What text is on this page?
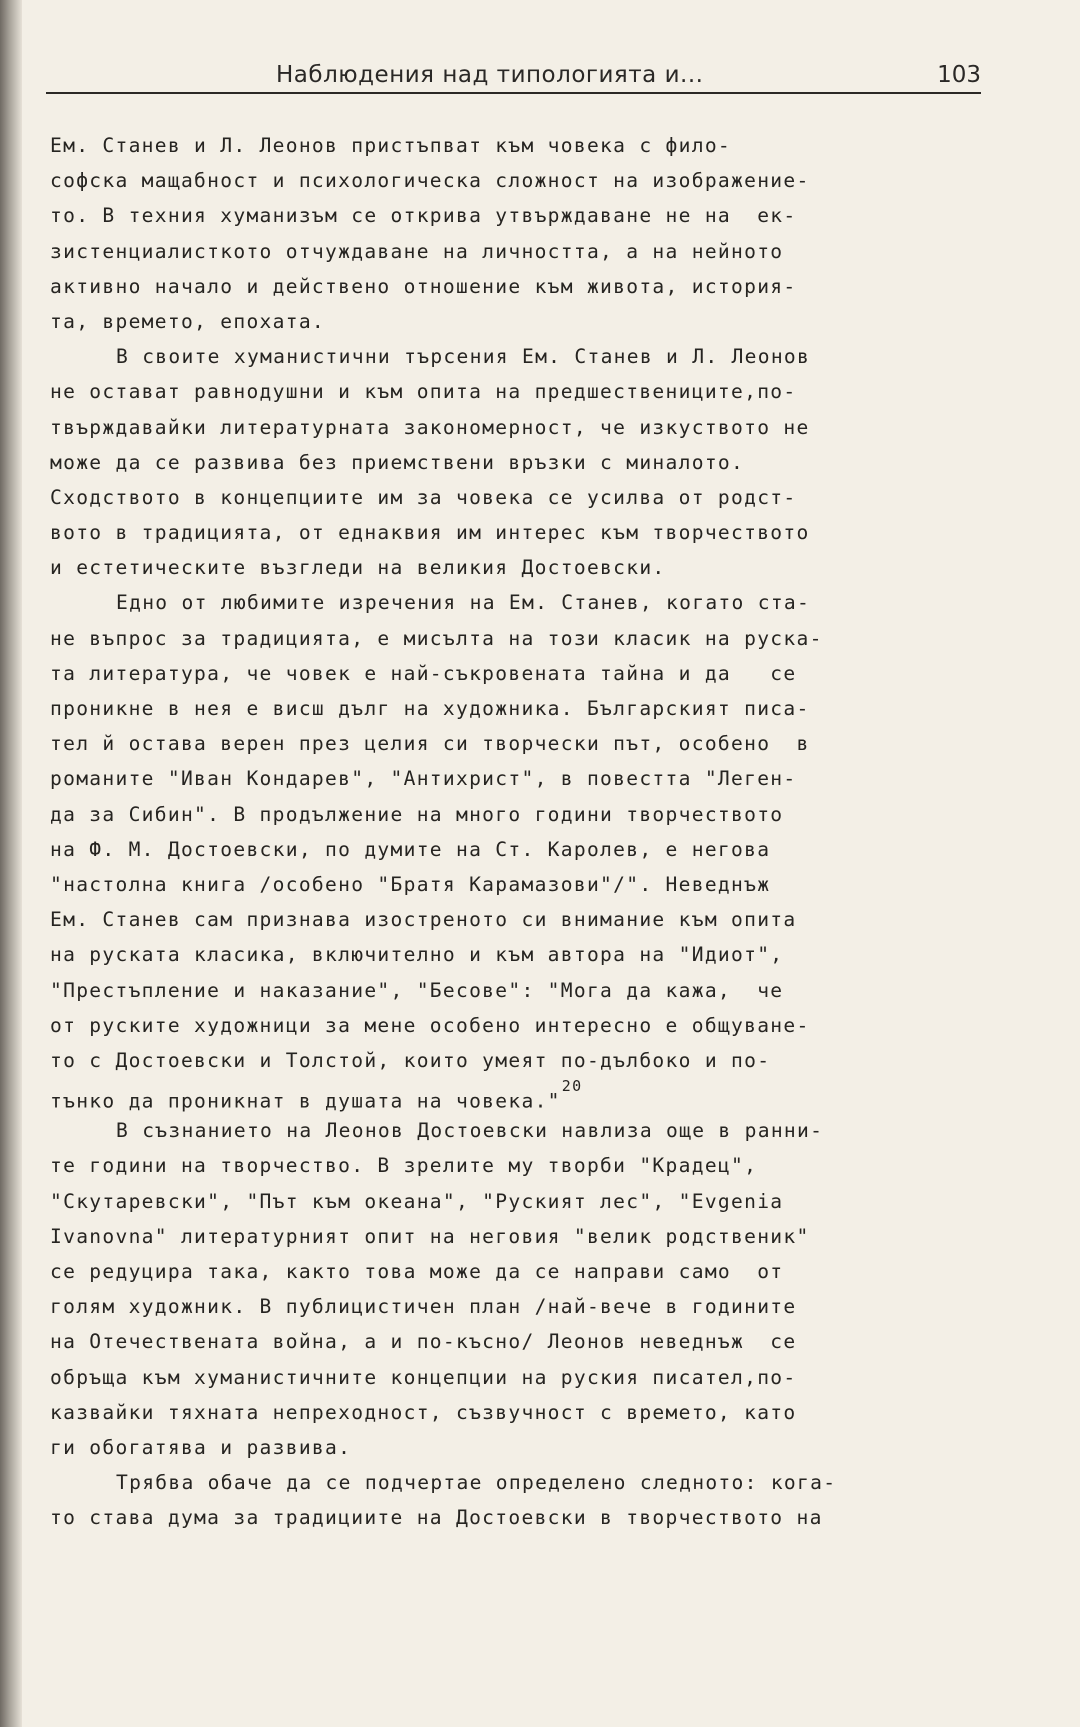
Наблюдения над типологията и...	103
Ем. Станев и Л. Леонов пристъпват към човека с фило-
софска мащабност и психологическа сложност на изображение-
то. В техния хуманизъм се открива утвърждаване не на  ек-
зистенциалисткото отчуждаване на личността, а на нейното
активно начало и действено отношение към живота, история-
та, времето, епохата.
В своите хуманистични търсения Ем. Станев и Л. Леонов
не остават равнодушни и към опита на предшествениците,по-
твърждавайки литературната закономерност, че изкуството не
може да се развива без приемствени връзки с миналото.
Сходството в концепциите им за човека се усилва от родст-
вото в традицията, от еднаквия им интерес към творчеството
и естетическите възгледи на великия Достоевски.
Едно от любимите изречения на Ем. Станев, когато ста-
не въпрос за традицията, е мисълта на този класик на руска-
та литература, че човек е най-съкровената тайна и да   се
проникне в нея е висш дълг на художника. Българският писа-
тел й остава верен през целия си творчески път, особено  в
романите "Иван Кондарев", "Антихрист", в повестта "Леген-
да за Сибин". В продължение на много години творчеството
на Ф. М. Достоевски, по думите на Ст. Каролев, е негова
"настолна книга /особено "Братя Карамазови"/". Неведнъж
Ем. Станев сам признава изостреното си внимание към опита
на руската класика, включително и към автора на "Идиот",
"Престъпление и наказание", "Бесове": "Мога да кажа,  че
от руските художници за мене особено интересно е общуване-
то с Достоевски и Толстой, които умеят по-дълбоко и по-
тънко да проникнат в душата на човека."$^{20}$
В съзнанието на Леонов Достоевски навлиза още в ранни-
те години на творчество. В зрелите му творби "Крадец",
"Скутаревски", "Път към океана", "Руският лес", "Evgenia
Ivanovna" литературният опит на неговия "велик родственик"
се редуцира така, както това може да се направи само  от
голям художник. В публицистичен план /най-вече в годините
на Отечествената война, а и по-късно/ Леонов неведнъж  се
обръща към хуманистичните концепции на руския писател,по-
казвайки тяхната непреходност, съзвучност с времето, като
ги обогатява и развива.
Трябва обаче да се подчертае определено следното: кога-
то става дума за традициите на Достоевски в творчеството на
